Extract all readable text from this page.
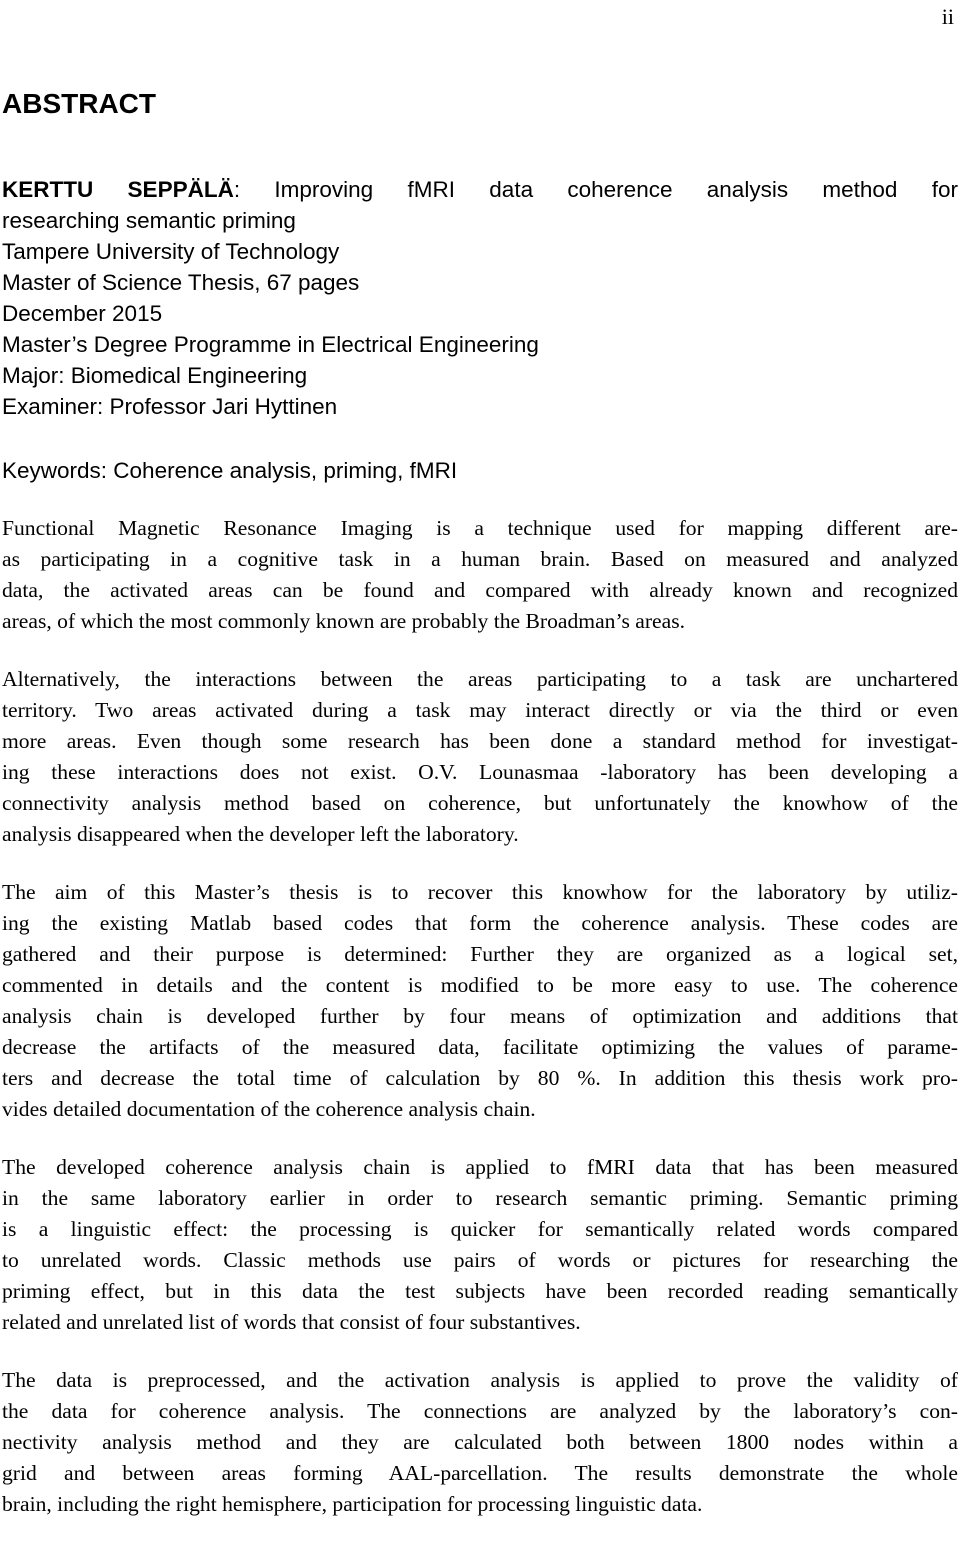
ii
ABSTRACT
KERTTU SEPPÄLÄ: Improving fMRI data coherence analysis method for
researching semantic priming
Tampere University of Technology
Master of Science Thesis, 67 pages
December 2015
Master’s Degree Programme in Electrical Engineering
Major: Biomedical Engineering
Examiner: Professor Jari Hyttinen
Keywords: Coherence analysis, priming, fMRI

Functional Magnetic Resonance Imaging is a technique used for mapping different are-
as participating in a cognitive task in a human brain. Based on measured and analyzed
data, the activated areas can be found and compared with already known and recognized
areas, of which the most commonly known are probably the Broadman’s areas.

Alternatively, the interactions between the areas participating to a task are unchartered
territory. Two areas activated during a task may interact directly or via the third or even
more areas. Even though some research has been done a standard method for investigat-
ing these interactions does not exist. O.V. Lounasmaa -laboratory has been developing a
connectivity analysis method based on coherence, but unfortunately the knowhow of the
analysis disappeared when the developer left the laboratory.

The aim of this Master’s thesis is to recover this knowhow for the laboratory by utiliz-
ing the existing Matlab based codes that form the coherence analysis. These codes are
gathered and their purpose is determined: Further they are organized as a logical set,
commented in details and the content is modified to be more easy to use. The coherence
analysis chain is developed further by four means of optimization and additions that
decrease the artifacts of the measured data, facilitate optimizing the values of parame-
ters and decrease the total time of calculation by 80 %. In addition this thesis work pro-
vides detailed documentation of the coherence analysis chain.

The developed coherence analysis chain is applied to fMRI data that has been measured
in the same laboratory earlier in order to research semantic priming. Semantic priming
is a linguistic effect: the processing is quicker for semantically related words compared
to unrelated words. Classic methods use pairs of words or pictures for researching the
priming effect, but in this data the test subjects have been recorded reading semantically
related and unrelated list of words that consist of four substantives.

The data is preprocessed, and the activation analysis is applied to prove the validity of
the data for coherence analysis. The connections are analyzed by the laboratory’s con-
nectivity analysis method and they are calculated both between 1800 nodes within a
grid and between areas forming AAL-parcellation. The results demonstrate the whole
brain, including the right hemisphere, participation for processing linguistic data.
